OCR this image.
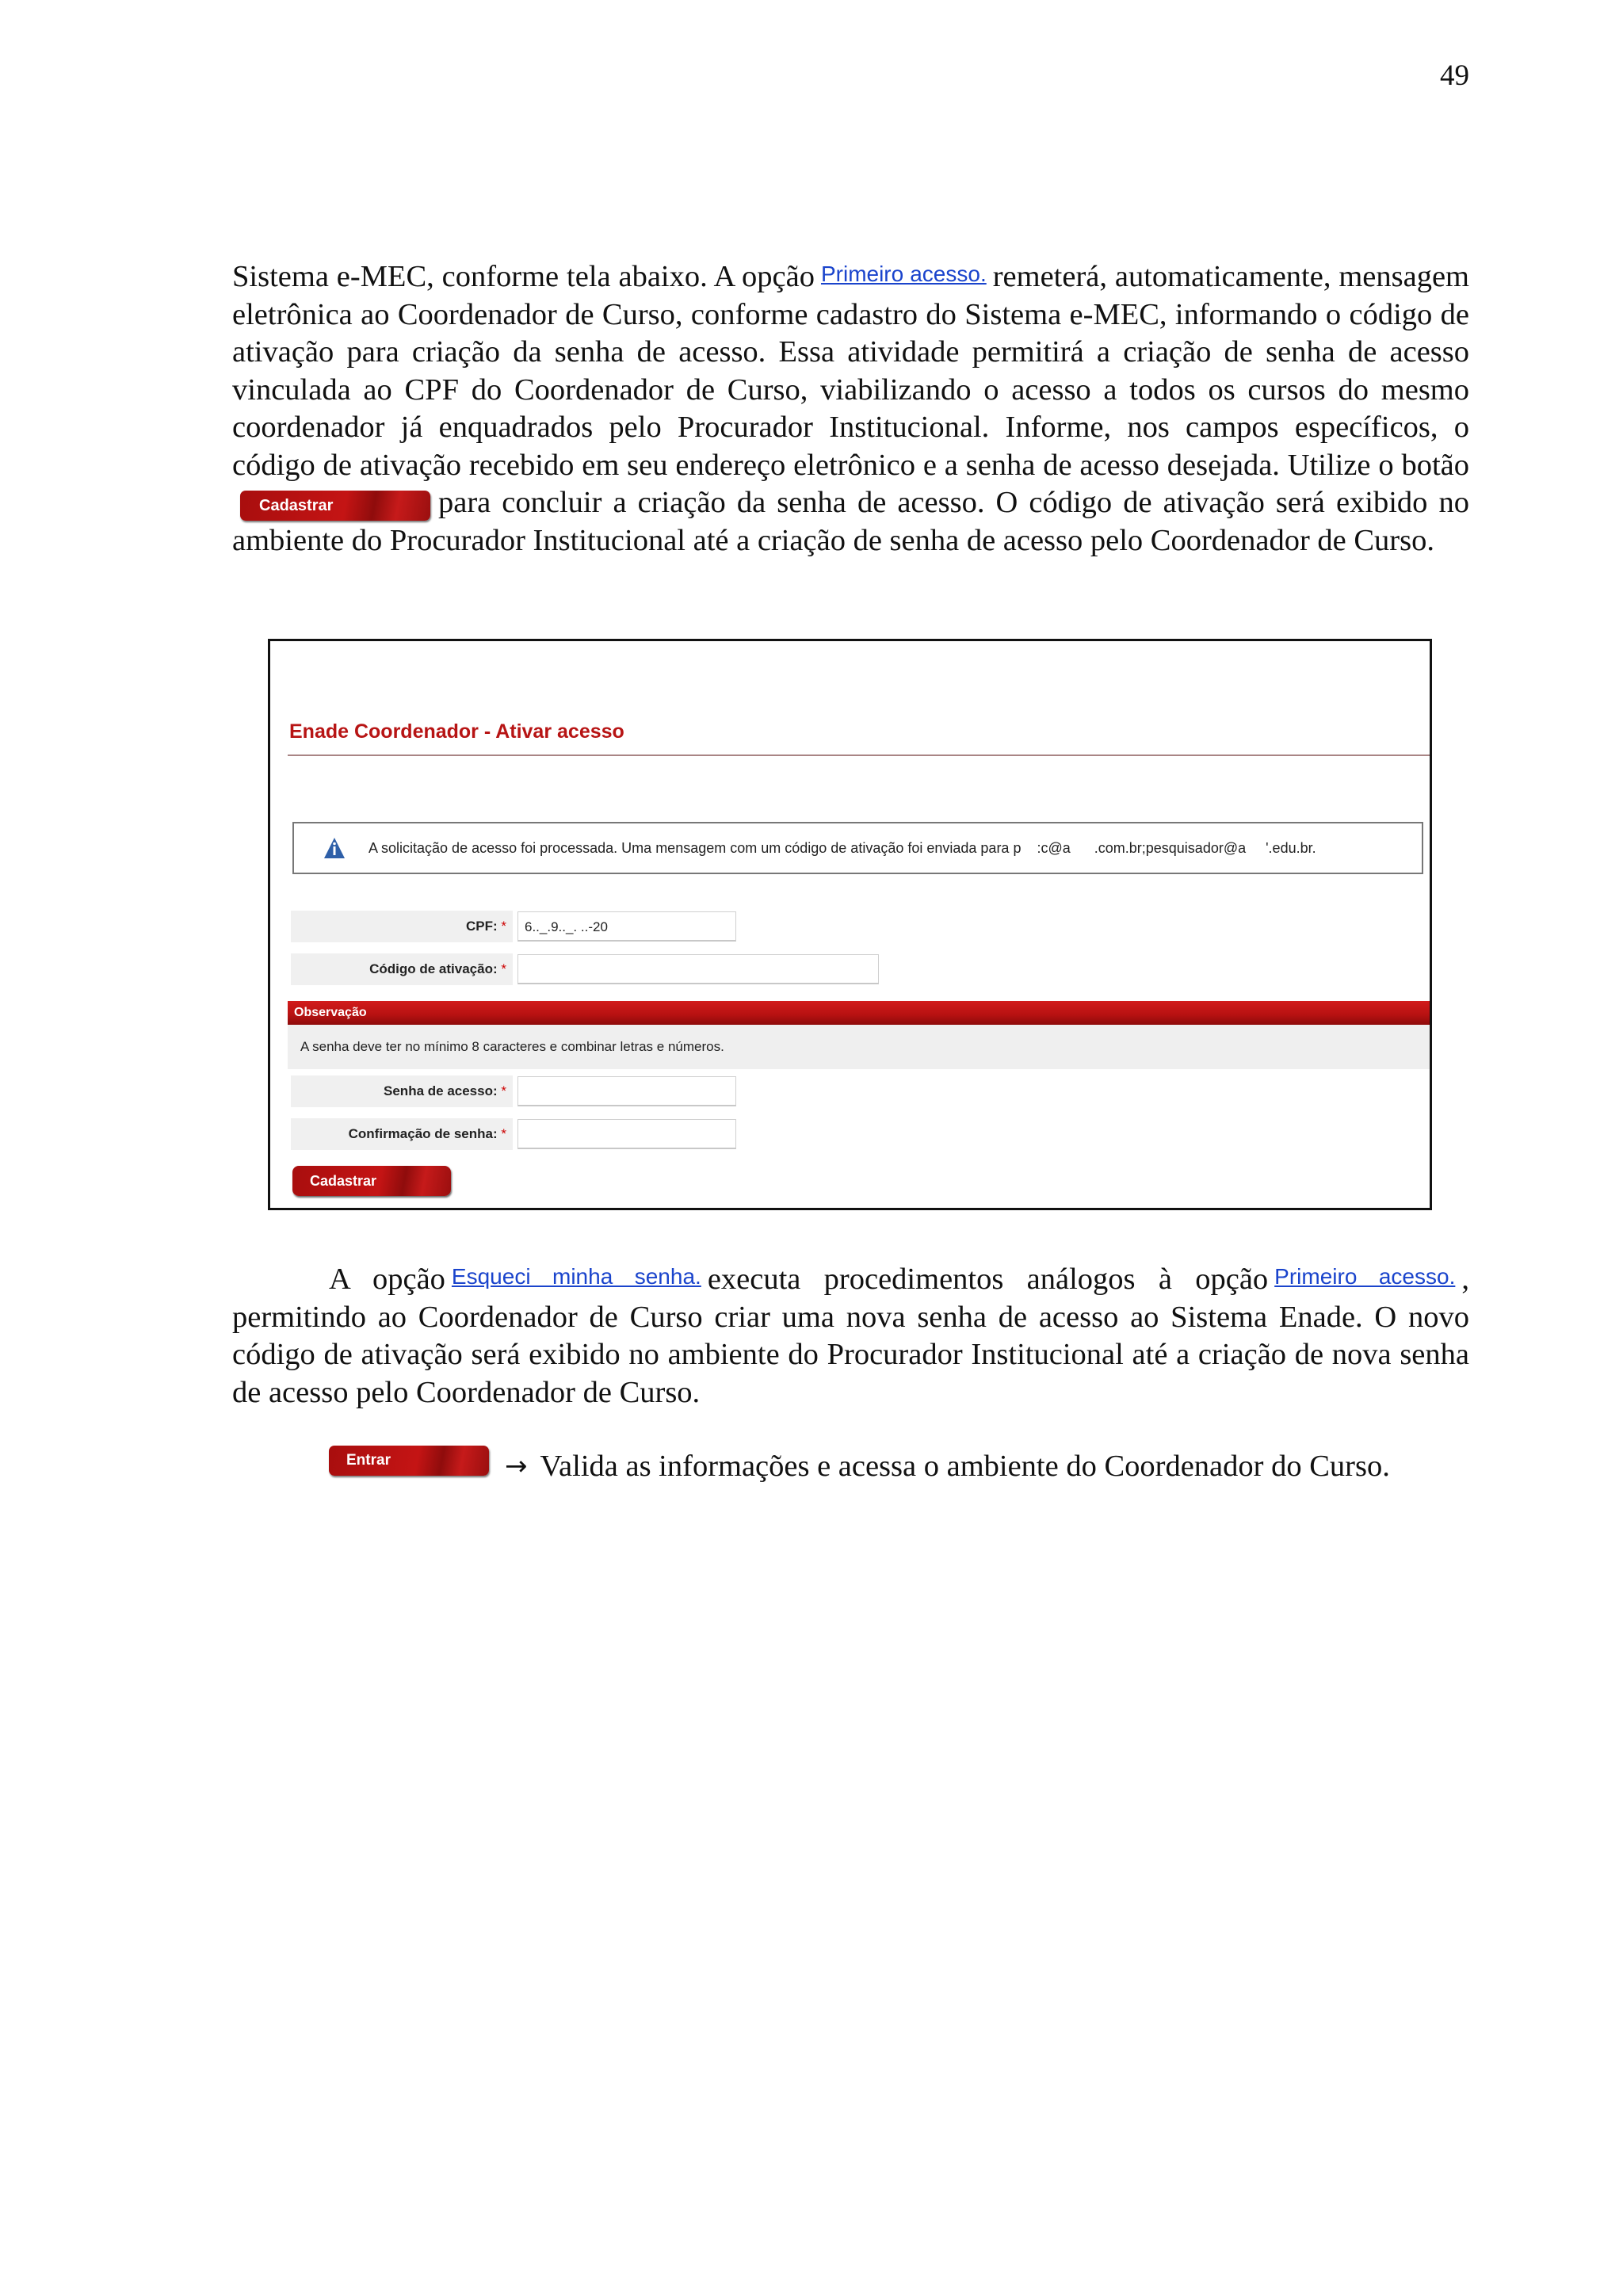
49

Sistema e-MEC, conforme tela abaixo. A opção Primeiro acesso. remeterá, automaticamente, mensagem eletrônica ao Coordenador de Curso, conforme cadastro do Sistema e-MEC, informando o código de ativação para criação da senha de acesso. Essa atividade permitirá a criação de senha de acesso vinculada ao CPF do Coordenador de Curso, viabilizando o acesso a todos os cursos do mesmo coordenador já enquadrados pelo Procurador Institucional. Informe, nos campos específicos, o código de ativação recebido em seu endereço eletrônico e a senha de acesso desejada. Utilize o botãoCadastrar	para concluir a criação da senha de acesso. O código de ativação será exibido no ambiente do Procurador Institucional até a criação de senha de acesso pelo Coordenador de Curso.

Enade Coordenador - Ativar acesso
A solicitação de acesso foi processada. Uma mensagem com um código de ativação foi enviada para p    :c@a      .com.br;pesquisador@a     '.edu.br.
CPF: *	6.._.9.._. ..-20
Código de ativação: *
Observação
A senha deve ter no mínimo 8 caracteres e combinar letras e números.
Senha de acesso: *
Confirmação de senha: *
Cadastrar

A opção Esqueci minha senha. executa procedimentos análogos à opção Primeiro acesso. , permitindo ao Coordenador de Curso criar uma nova senha de acesso ao Sistema Enade. O novo código de ativação será exibido no ambiente do Procurador Institucional até a criação de nova senha de acesso pelo Coordenador de Curso.

Entrar	→ Valida as informações e acessa o ambiente do Coordenador do Curso.
